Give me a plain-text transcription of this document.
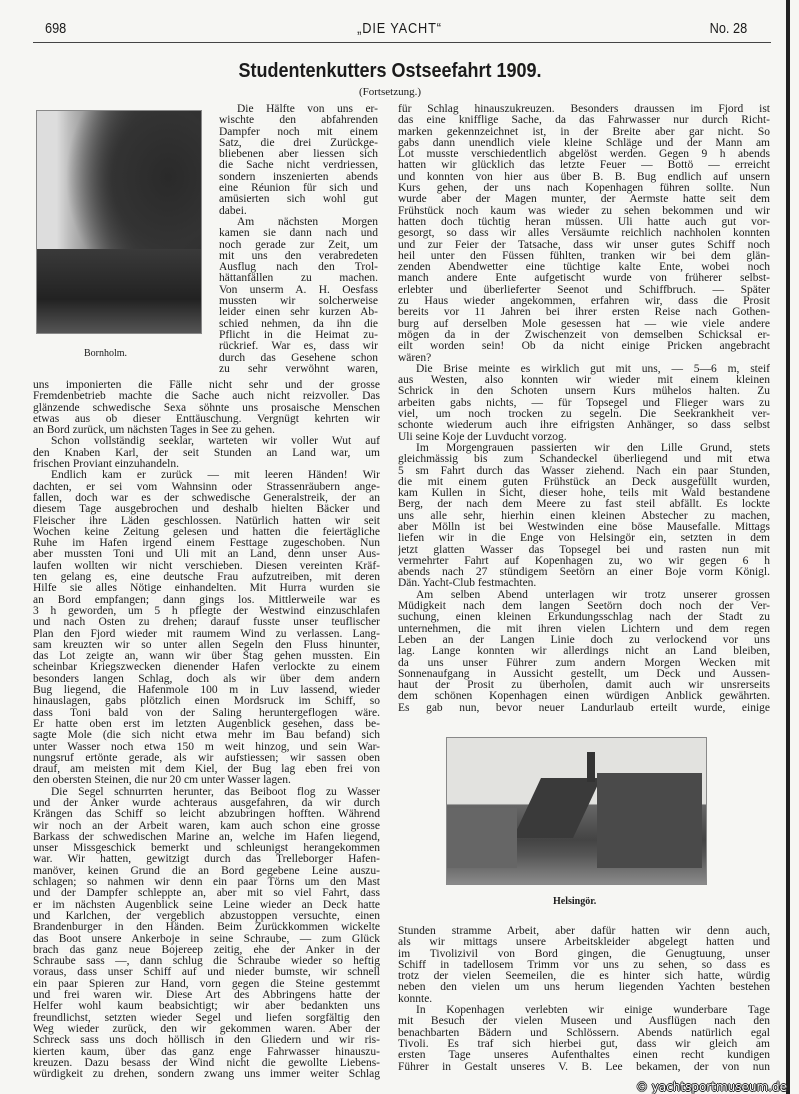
698	„DIE YACHT“	No. 28
Studentenkutters Ostseefahrt 1909.
(Fortsetzung.)
Bornholm.
Helsingör.
Die Hälfte von uns er-
wischte den abfahrenden
Dampfer noch mit einem
Satz, die drei Zurückge-
bliebenen aber liessen sich
die Sache nicht verdriessen,
sondern inszenierten abends
eine Réunion für sich und
amüsierten sich wohl gut
dabei.
Am nächsten Morgen
kamen sie dann nach und
noch gerade zur Zeit, um
mit uns den verabredeten
Ausflug nach den Trol-
hättanfällen zu machen.
Von unserm A. H. Oesfass
mussten wir solcherweise
leider einen sehr kurzen Ab-
schied nehmen, da ihn die
Pflicht in die Heimat zu-
rückrief. War es, dass wir
durch das Gesehene schon
zu sehr verwöhnt waren,
uns imponierten die Fälle nicht sehr und der grosse
Fremdenbetrieb machte die Sache auch nicht reizvoller. Das
glänzende schwedische Sexa söhnte uns prosaische Menschen
etwas aus ob dieser Enttäuschung. Vergnügt kehrten wir
an Bord zurück, um nächsten Tages in See zu gehen.
Schon vollständig seeklar, warteten wir voller Wut auf
den Knaben Karl, der seit Stunden an Land war, um
frischen Proviant einzuhandeln.
Endlich kam er zurück — mit leeren Händen! Wir
dachten, er sei vom Wahnsinn oder Strassenräubern ange-
fallen, doch war es der schwedische Generalstreik, der an
diesem Tage ausgebrochen und deshalb hielten Bäcker und
Fleischer ihre Läden geschlossen. Natürlich hatten wir seit
Wochen keine Zeitung gelesen und hatten die feiertägliche
Ruhe im Hafen irgend einem Festtage zugeschoben. Nun
aber mussten Toni und Uli mit an Land, denn unser Aus-
laufen wollten wir nicht verschieben. Diesen vereinten Kräf-
ten gelang es, eine deutsche Frau aufzutreiben, mit deren
Hilfe sie alles Nötige einhandelten. Mit Hurra wurden sie
an Bord empfangen; dann gings los. Mittlerweile war es
3 h geworden, um 5 h pflegte der Westwind einzuschlafen
und nach Osten zu drehen; darauf fusste unser teuflischer
Plan den Fjord wieder mit raumem Wind zu verlassen. Lang-
sam kreuzten wir so unter allen Segeln den Fluss hinunter,
das Lot zeigte an, wann wir über Stag gehen mussten. Ein
scheinbar Kriegszwecken dienender Hafen verlockte zu einem
besonders langen Schlag, doch als wir über dem andern
Bug liegend, die Hafenmole 100 m in Luv lassend, wieder
hinauslagen, gabs plötzlich einen Mordsruck im Schiff, so
dass Toni bald von der Saling heruntergeflogen wäre.
Er hatte oben erst im letzten Augenblick gesehen, dass be-
sagte Mole (die sich nicht etwa mehr im Bau befand) sich
unter Wasser noch etwa 150 m weit hinzog, und sein War-
nungsruf ertönte gerade, als wir aufstiessen; wir sassen oben
drauf, am meisten mit dem Kiel, der Bug lag eben frei von
den obersten Steinen, die nur 20 cm unter Wasser lagen.
Die Segel schnurrten herunter, das Beiboot flog zu Wasser
und der Anker wurde achteraus ausgefahren, da wir durch
Krängen das Schiff so leicht abzubringen hofften. Während
wir noch an der Arbeit waren, kam auch schon eine grosse
Barkass der schwedischen Marine an, welche im Hafen liegend,
unser Missgeschick bemerkt und schleunigst herangekommen
war. Wir hatten, gewitzigt durch das Trelleborger Hafen-
manöver, keinen Grund die an Bord gegebene Leine auszu-
schlagen; so nahmen wir denn ein paar Törns um den Mast
und der Dampfer schleppte an, aber mit so viel Fahrt, dass
er im nächsten Augenblick seine Leine wieder an Deck hatte
und Karlchen, der vergeblich abzustoppen versuchte, einen
Brandenburger in den Händen. Beim Zurückkommen wickelte
das Boot unsere Ankerboje in seine Schraube, — zum Glück
brach das ganz neue Bojereep zeitig, ehe der Anker in der
Schraube sass —, dann schlug die Schraube wieder so heftig
voraus, dass unser Schiff auf und nieder bumste, wir schnell
ein paar Spieren zur Hand, vorn gegen die Steine gestemmt
und frei waren wir. Diese Art des Abbringens hatte der
Helfer wohl kaum beabsichtigt; wir aber bedankten uns
freundlichst, setzten wieder Segel und liefen sorgfältig den
Weg wieder zurück, den wir gekommen waren. Aber der
Schreck sass uns doch höllisch in den Gliedern und wir ris-
kierten kaum, über das ganz enge Fahrwasser hinauszu-
kreuzen. Dazu besass der Wind nicht die gewollte Liebens-
würdigkeit zu drehen, sondern zwang uns immer weiter Schlag
für Schlag hinauszukreuzen. Besonders draussen im Fjord ist
das eine knifflige Sache, da das Fahrwasser nur durch Richt-
marken gekennzeichnet ist, in der Breite aber gar nicht. So
gabs dann unendlich viele kleine Schläge und der Mann am
Lot musste verschiedentlich abgelöst werden. Gegen 9 h abends
hatten wir glücklich das letzte Feuer — Bottö — erreicht
und konnten von hier aus über B. B. Bug endlich auf unsern
Kurs gehen, der uns nach Kopenhagen führen sollte. Nun
wurde aber der Magen munter, der Aermste hatte seit dem
Frühstück noch kaum was wieder zu sehen bekommen und wir
hatten doch tüchtig heran müssen. Uli hatte auch gut vor-
gesorgt, so dass wir alles Versäumte reichlich nachholen konnten
und zur Feier der Tatsache, dass wir unser gutes Schiff noch
heil unter den Füssen fühlten, tranken wir bei dem glän-
zenden Abendwetter eine tüchtige kalte Ente, wobei noch
manch andere Ente aufgetischt wurde von früherer selbst-
erlebter und überlieferter Seenot und Schiffbruch. — Später
zu Haus wieder angekommen, erfahren wir, dass die Prosit
bereits vor 11 Jahren bei ihrer ersten Reise nach Gothen-
burg auf derselben Mole gesessen hat — wie viele andere
mögen da in der Zwischenzeit von demselben Schicksal er-
eilt worden sein! Ob da nicht einige Pricken angebracht
wären?
Die Brise meinte es wirklich gut mit uns, — 5—6 m, steif
aus Westen, also konnten wir wieder mit einem kleinen
Schrick in den Schoten unsern Kurs mühelos halten. Zu
arbeiten gabs nichts, — für Topsegel und Flieger wars zu
viel, um noch trocken zu segeln. Die Seekrankheit ver-
schonte wiederum auch ihre eifrigsten Anhänger, so dass selbst
Uli seine Koje der Luvducht vorzog.
Im Morgengrauen passierten wir den Lille Grund, stets
gleichmässig bis zum Schandeckel überliegend und mit etwa
5 sm Fahrt durch das Wasser ziehend. Nach ein paar Stunden,
die mit einem guten Frühstück an Deck ausgefüllt wurden,
kam Kullen in Sicht, dieser hohe, teils mit Wald bestandene
Berg, der nach dem Meere zu fast steil abfällt. Es lockte
uns alle sehr, hierhin einen kleinen Abstecher zu machen,
aber Mölln ist bei Westwinden eine böse Mausefalle. Mittags
liefen wir in die Enge von Helsingör ein, setzten in dem
jetzt glatten Wasser das Topsegel bei und rasten nun mit
vermehrter Fahrt auf Kopenhagen zu, wo wir gegen 6 h
abends nach 27 stündigem Seetörn an einer Boje vorm Königl.
Dän. Yacht-Club festmachten.
Am selben Abend unterlagen wir trotz unserer grossen
Müdigkeit nach dem langen Seetörn doch noch der Ver-
suchung, einen kleinen Erkundungsschlag nach der Stadt zu
unternehmen, die mit ihren vielen Lichtern und dem regen
Leben an der Langen Linie doch zu verlockend vor uns
lag. Lange konnten wir allerdings nicht an Land bleiben,
da uns unser Führer zum andern Morgen Wecken mit
Sonnenaufgang in Aussicht gestellt, um Deck und Aussen-
haut der Prosit zu überholen, damit auch wir unsrerseits
dem schönen Kopenhagen einen würdigen Anblick gewährten.
Es gab nun, bevor neuer Landurlaub erteilt wurde, einige
Stunden stramme Arbeit, aber dafür hatten wir denn auch,
als wir mittags unsere Arbeitskleider abgelegt hatten und
im Tivolizivil von Bord gingen, die Genugtuung, unser
Schiff in tadellosem Trimm vor uns zu sehen, so dass es
trotz der vielen Seemeilen, die es hinter sich hatte, würdig
neben den vielen um uns herum liegenden Yachten bestehen
konnte.
In Kopenhagen verlebten wir einige wunderbare Tage
mit Besuch der vielen Museen und Ausflügen nach den
benachbarten Bädern und Schlössern. Abends natürlich egal
Tivoli. Es traf sich hierbei gut, dass wir gleich am
ersten Tage unseres Aufenthaltes einen recht kundigen
Führer in Gestalt unseres V. B. Lee bekamen, der von nun
© yachtsportmuseum.de
